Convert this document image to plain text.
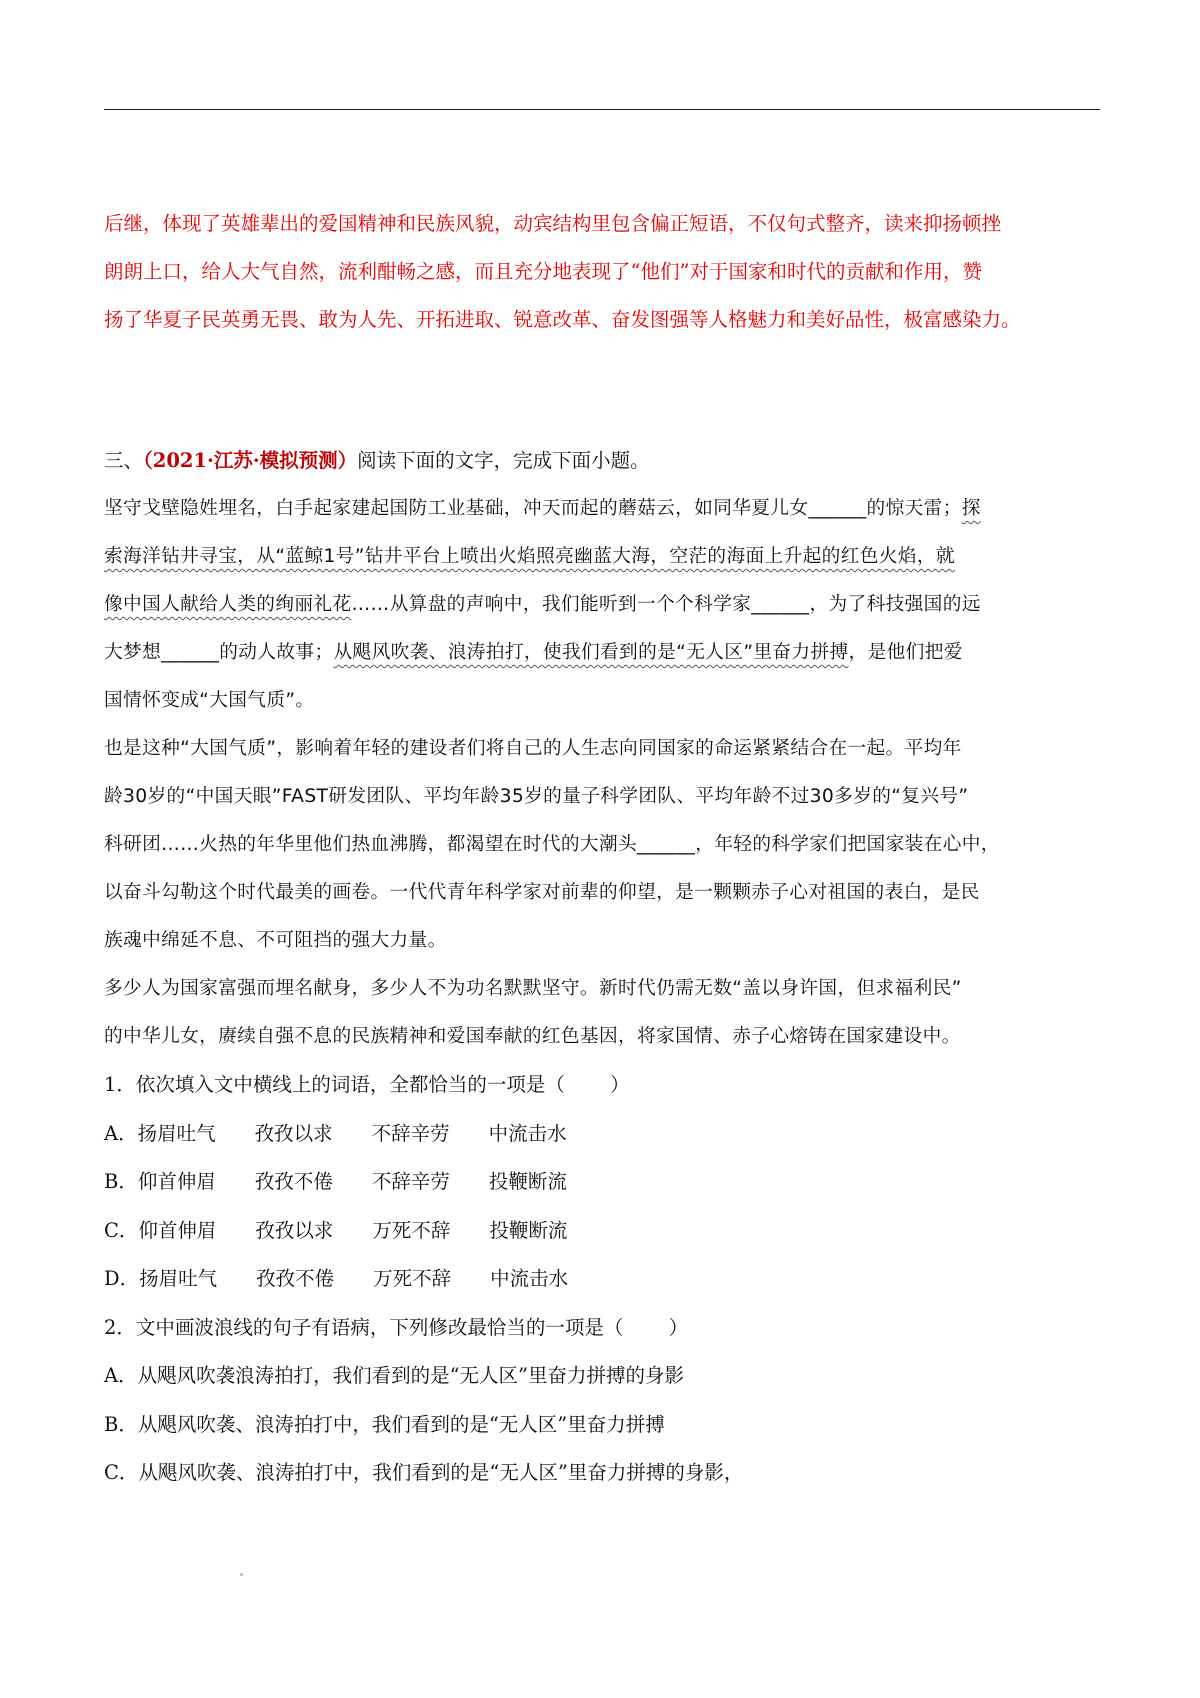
后继，体现了英雄辈出的爱国精神和民族风貌，动宾结构里包含偏正短语，不仅句式整齐，读来抑扬顿挫

朗朗上口，给人大气自然，流利酣畅之感，而且充分地表现了“他们”对于国家和时代的贡献和作用，赞

扬了华夏子民英勇无畏、敢为人先、开拓进取、锐意改革、奋发图强等人格魅力和美好品性，极富感染力。

三、（2021·江苏·模拟预测）阅读下面的文字，完成下面小题。

坚守戈壁隐姓埋名，白手起家建起国防工业基础，冲天而起的蘑菇云，如同华夏儿女______的惊天雷；探
索海洋钻井寻宝，从“蓝鲸1号”钻井平台上喷出火焰照亮幽蓝大海，空茫的海面上升起的红色火焰，就
像中国人献给人类的绚丽礼花……从算盘的声响中，我们能听到一个个科学家______，为了科技强国的远
大梦想______的动人故事；从飓风吹袭、浪涛拍打，使我们看到的是“无人区”里奋力拼搏，是他们把爱
国情怀变成“大国气质”。
也是这种“大国气质”，影响着年轻的建设者们将自己的人生志向同国家的命运紧紧结合在一起。平均年
龄30岁的“中国天眼”FAST研发团队、平均年龄35岁的量子科学团队、平均年龄不过30多岁的“复兴号”
科研团……火热的年华里他们热血沸腾，都渴望在时代的大潮头______，年轻的科学家们把国家装在心中，
以奋斗勾勒这个时代最美的画卷。一代代青年科学家对前辈的仰望，是一颗颗赤子心对祖国的表白，是民
族魂中绵延不息、不可阻挡的强大力量。
多少人为国家富强而埋名献身，多少人不为功名默默坚守。新时代仍需无数“盖以身许国，但求福利民”
的中华儿女，赓续自强不息的民族精神和爱国奉献的红色基因，将家国情、赤子心熔铸在国家建设中。
1．依次填入文中横线上的词语，全都恰当的一项是（   ）
A．扬眉吐气  孜孜以求  不辞辛劳  中流击水
B．仰首伸眉  孜孜不倦  不辞辛劳  投鞭断流
C．仰首伸眉  孜孜以求  万死不辞  投鞭断流
D．扬眉吐气  孜孜不倦  万死不辞  中流击水
2．文中画波浪线的句子有语病，下列修改最恰当的一项是（   ）
A．从飓风吹袭浪涛拍打，我们看到的是“无人区”里奋力拼搏的身影
B．从飓风吹袭、浪涛拍打中，我们看到的是“无人区”里奋力拼搏
C．从飓风吹袭、浪涛拍打中，我们看到的是“无人区”里奋力拼搏的身影，
